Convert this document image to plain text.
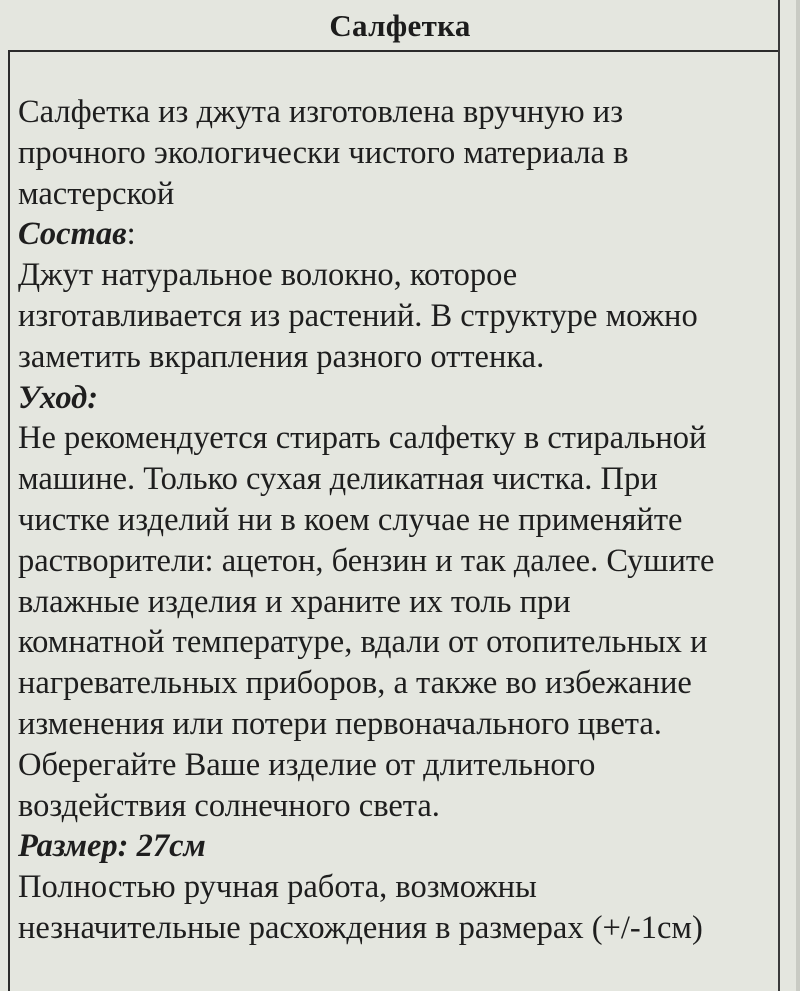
Салфетка
Салфетка из джута изготовлена вручную из
прочного экологически чистого материала в
мастерской
Состав:
Джут натуральное волокно, которое
изготавливается из растений. В структуре можно
заметить вкрапления разного оттенка.
Уход:
Не рекомендуется стирать салфетку в стиральной
машине. Только сухая деликатная чистка. При
чистке изделий ни в коем случае не применяйте
растворители: ацетон, бензин и так далее. Сушите
влажные изделия и храните их толь при
комнатной температуре, вдали от отопительных и
нагревательных приборов, а также во избежание
изменения или потери первоначального цвета.
Оберегайте Ваше изделие от длительного
воздействия солнечного света.
Размер: 27см
Полностью ручная работа, возможны
незначительные расхождения в размерах (+/-1см)
